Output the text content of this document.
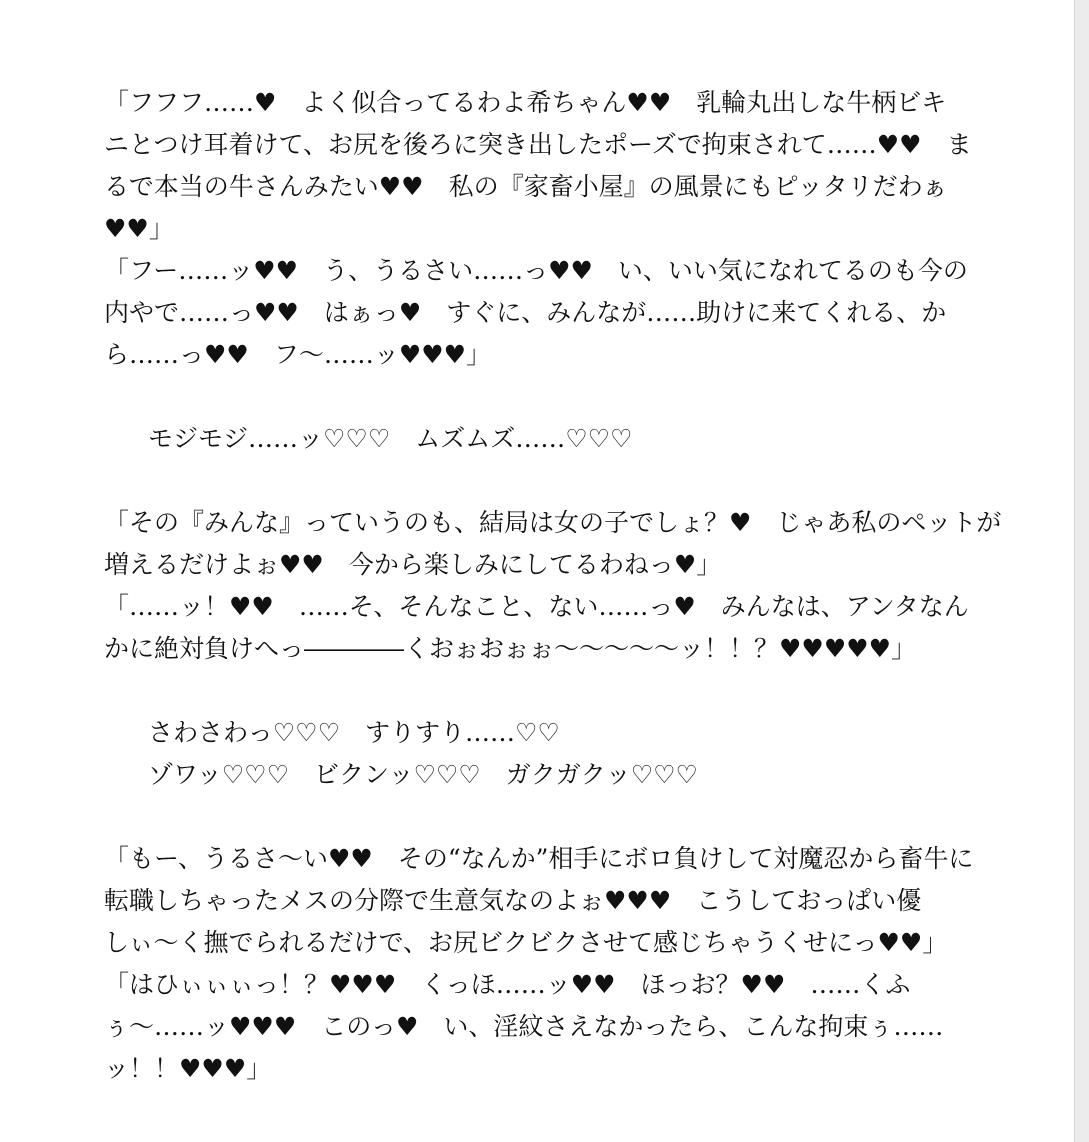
「フフフ……♥　よく似合ってるわよ希ちゃん♥♥　乳輪丸出しな牛柄ビキ
ニとつけ耳着けて、お尻を後ろに突き出したポーズで拘束されて……♥♥　ま
るで本当の牛さんみたい♥♥　私の『家畜小屋』の風景にもピッタリだわぁ
♥♥」
「フー……ッ♥♥　う、うるさい……っ♥♥　い、いい気になれてるのも今の
内やで……っ♥♥　はぁっ♥　すぐに、みんなが……助けに来てくれる、か
ら……っ♥♥　フ〜……ッ♥♥♥」
モジモジ……ッ♡♡♡　ムズムズ……♡♡♡
「その『みんな』っていうのも、結局は女の子でしょ？♥　じゃあ私のペットが
増えるだけよぉ♥♥　今から楽しみにしてるわねっ♥」
「……ッ！♥♥　……そ、そんなこと、ない……っ♥　みんなは、アンタなん
かに絶対負けへっ――――くおぉおぉぉ〜〜〜〜〜ッ！！？♥♥♥♥♥」
さわさわっ♡♡♡　すりすり……♡♡
ゾワッ♡♡♡　ビクンッ♡♡♡　ガクガクッ♡♡♡
「もー、うるさ〜い♥♥　その“なんか”相手にボロ負けして対魔忍から畜牛に
転職しちゃったメスの分際で生意気なのよぉ♥♥♥　こうしておっぱい優
しぃ〜く撫でられるだけで、お尻ビクビクさせて感じちゃうくせにっ♥♥」
「はひぃぃぃっ！？♥♥♥　くっほ……ッ♥♥　ほっお？♥♥　……くふ
ぅ〜……ッ♥♥♥　このっ♥　い、淫紋さえなかったら、こんな拘束ぅ……
ッ！！♥♥♥」
